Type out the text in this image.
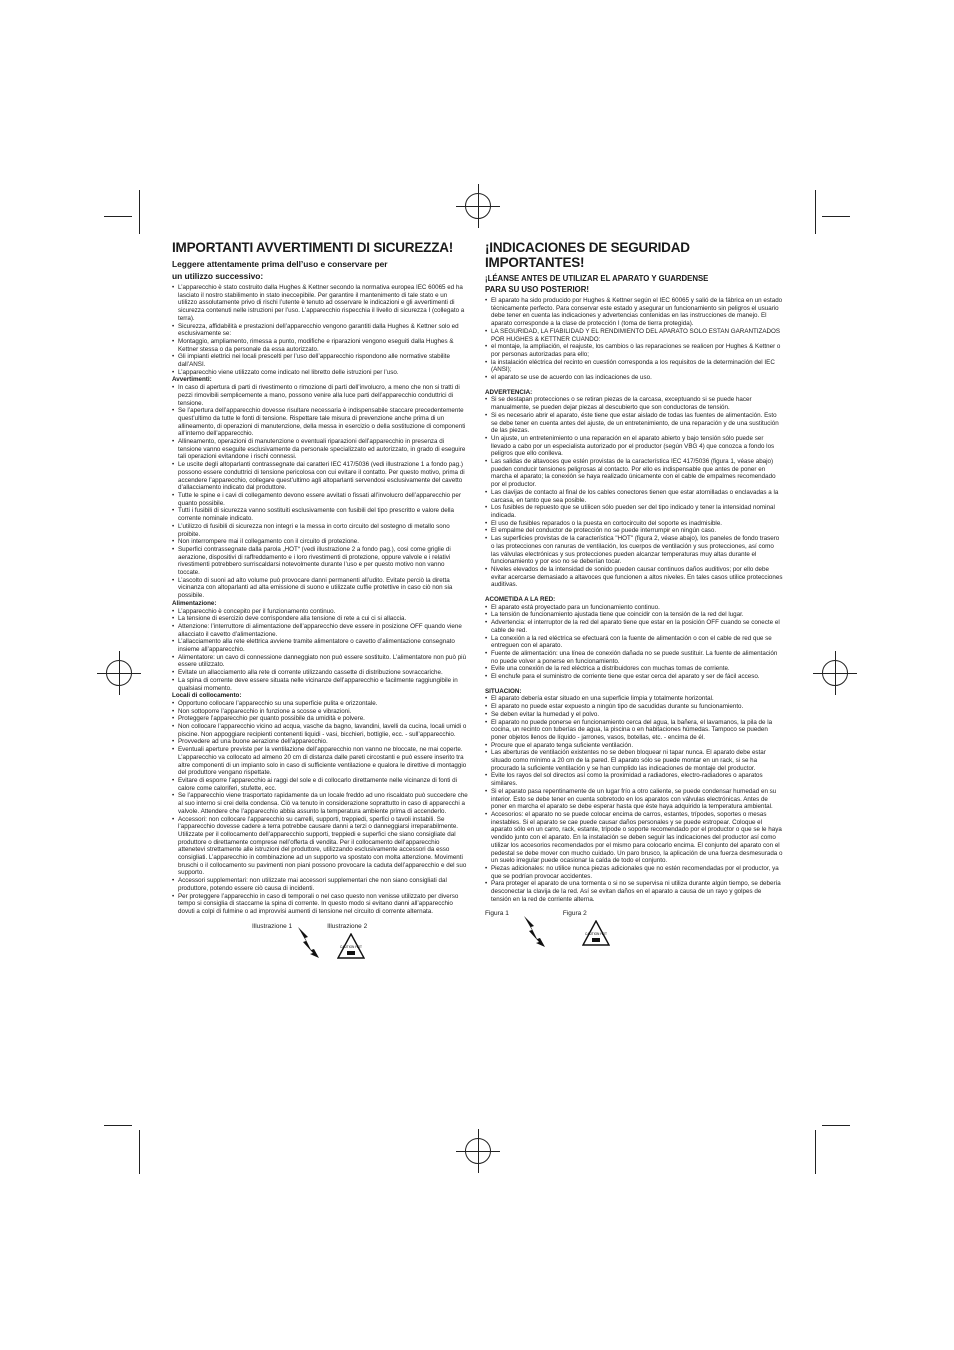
IMPORTANTI AVVERTIMENTI DI SICUREZZA!
Leggere attentamente prima dell’uso e conservare per
un utilizzo successivo:
• L’apparecchio è stato costruito dalla Hughes & Kettner secondo la normativa europea IEC 60065 ed ha lasciato il nostro stabilimento in stato ineccepibile. Per garantire il mantenimento di tale stato e un utilizzo assolutamente privo di rischi l’utente è tenuto ad osservare le indicazioni e gli avvertimenti di sicurezza contenuti nelle istruzioni per l’uso. L’apparecchio rispecchia il livello di sicurezza I (collegato a terra).
• Sicurezza, affidabilità e prestazioni dell’apparecchio vengono garantiti dalla Hughes & Kettner solo ed esclusivamente se:
• Montaggio, ampliamento, rimessa a punto, modifiche e riparazioni vengono eseguiti dalla Hughes & Kettner stessa o da personale da essa autorizzato.
• Gli impianti elettrici nei locali prescelti per l’uso dell’apparecchio rispondono alle normative stabilite dall’ANSI.
• L’apparecchio viene utilizzato come indicato nel libretto delle istruzioni per l’uso.

Avvertimenti:

• In caso di apertura di parti di rivestimento o rimozione di parti dell’involucro, a meno che non si tratti di pezzi rimovibili semplicemente a mano, possono venire alla luce parti dell’apparecchio conduttrici di tensione.
• Se l’apertura dell’apparecchio dovesse risultare necessaria è indispensabile staccare precedentemente quest’ultimo da tutte le fonti di tensione. Rispettare tale misura di prevenzione anche prima di un allineamento, di operazioni di manutenzione, della messa in esercizio o della sostituzione di componenti all’interno dell’apparecchio.
• Allineamento, operazioni di manutenzione o eventuali riparazioni dell’apparecchio in presenza di tensione vanno eseguite esclusivamente da personale specializzato ed autorizzato, in grado di eseguire tali operazioni evitandone i rischi connessi.
• Le uscite degli altoparlanti contrassegnate dai caratteri IEC 417/5036 (vedi illustrazione 1 a fondo pag.) possono essere conduttrici di tensione pericolosa con cui evitare il contatto. Per questo motivo, prima di accendere l’apparecchio, collegare quest’ultimo agli altoparlanti servendosi esclusivamente del cavetto d’allacciamento indicato dal produttore.
• Tutte le spine e i cavi di collegamento devono essere avvitati o fissati all’involucro dell’apparecchio per quanto possibile.
• Tutti i fusibili di sicurezza vanno sostituiti esclusivamente con fusibili del tipo prescritto e valore della corrente nominale indicato.
• L’utilizzo di fusibili di sicurezza non integri e la messa in corto circuito del sostegno di metallo sono proibite.
• Non interrompere mai il collegamento con il circuito di protezione.
• Superfici contrassegnate dalla parola „HOT“ (vedi illustrazione 2 a fondo pag.), così come griglie di aerazione, dispositivi di raffreddamento e i loro rivestimenti di protezione, oppure valvole e i relativi rivestimenti potrebbero surriscaldarsi notevolmente durante l’uso e per questo motivo non vanno toccate.
• L’ascolto di suoni ad alto volume può provocare danni permanenti all’udito. Evitate perciò la diretta vicinanza con altoparlanti ad alta emissione di suono e utilizzate cuffie protettive in caso ciò non sia possibile.

Alimentazione:

• L’apparecchio è concepito per il funzionamento continuo.
• La tensione di esercizio deve corrispondere alla tensione di rete a cui ci si allaccia.
• Attenzione: l’interruttore di alimentazione dell’apparecchio deve essere in posizione OFF quando viene allacciato il cavetto d’alimentazione.
• L’allacciamento alla rete elettrica avviene tramite alimentatore o cavetto d’alimentazione consegnato insieme all’apparecchio.
• Alimentatore: un cavo di connessione danneggiato non può essere sostituito. L’alimentatore non può più essere utilizzato.
• Evitate un allacciamento alla rete di corrente utilizzando cassette di distribuzione sovraccariche.
• La spina di corrente deve essere situata nelle vicinanze dell’apparecchio e facilmente raggiungibile in qualsiasi momento.

Locali di collocamento:

• Opportuno collocare l’apparecchio su una superficie pulita e orizzontale.
• Non sottoporre l’apparecchio in funzione a scosse e vibrazioni.
• Proteggere l’apparecchio per quanto possibile da umidità e polvere.
• Non collocare l’apparecchio vicino ad acqua, vasche da bagno, lavandini, lavelli da cucina, locali umidi o piscine. Non appoggiare recipienti contenenti liquidi - vasi, bicchieri, bottiglie, ecc. - sull’apparecchio.
• Provvedere ad una buone aerazione dell’apparecchio.
• Eventuali aperture previste per la ventilazione dell’apparecchio non vanno ne bloccate, ne mai coperte. L’apparecchio va collocato ad almeno 20 cm di distanza dalle pareti circostanti e può essere inserito tra altre componenti di un impianto solo in caso di sufficiente ventilazione e qualora le direttive di montaggio del produttore vengano rispettate.
• Evitare di esporre l’apparecchio ai raggi del sole e di collocarlo direttamente nelle vicinanze di fonti di calore come caloriferi, stufette, ecc.
• Se l’apparecchio viene trasportato rapidamente da un locale freddo ad uno riscaldato può succedere che al suo interno si crei della condensa. Ciò va tenuto in considerazione soprattutto in caso di apparecchi a valvole. Attendere che l’apparecchio abbia assunto la temperatura ambiente prima di accenderlo.
• Accessori: non collocare l’apparecchio su carrelli, supporti, treppiedi, sperfici o tavoli instabili. Se l’apparecchio dovesse cadere a terra potrebbe causare danni a terzi o danneggiarsi irreparabilmente. Utilizzate per il collocamento dell’apparecchio supporti, treppiedi e superfici che siano consigliate dal produttore o direttamente comprese nell’offerta di vendita. Per il collocamento dell’apparecchio attenetevi strettamente alle istruzioni del produttore, utilizzando esclusivamente accessori da esso consigliati. L’apparecchio in combinazione ad un supporto va spostato con molta attenzione. Movimenti bruschi o il collocamento su pavimenti non piani possono provocare la caduta dell’apparecchio e del suo supporto.
• Accessori supplementari: non utilizzate mai accessori supplementari che non siano consigliati dal produttore, potendo essere ciò causa di incidenti.
• Per proteggere l’apparecchio in caso di temporali o nel caso questo non venisse utilizzato per diverso tempo si consiglia di staccarne la spina di corrente. In questo modo si evitano danni all’apparecchio dovuti a colpi di fulmine o ad improvvisi aumenti di tensione nel circuito di corrente alternata.
Illustrazione 1	Illustrazione 2
CAUTION HOT
¡INDICACIONES DE SEGURIDAD IMPORTANTES!
¡LÉANSE ANTES DE UTILIZAR EL APARATO Y GUARDENSE
PARA SU USO POSTERIOR!
• El aparato ha sido producido por Hughes & Kettner según el IEC 60065 y salió de la fábrica en un estado técnicamente perfecto. Para conservar este estado y asegurar un funcionamiento sin peligros el usuario debe tener en cuenta las indicaciones y advertencias contenidas en las instrucciones de manejo. El aparato corresponde a la clase de protección I (toma de tierra protegida).
• LA SEGURIDAD, LA FIABILIDAD Y EL RENDIMIENTO DEL APARATO SOLO ESTAN GARANTIZADOS POR HUGHES & KETTNER CUANDO:
• el montaje, la ampliación, el reajuste, los cambios o las reparaciones se realicen por Hughes & Kettner o por personas autorizadas para ello;
• la instalación eléctrica del recinto en cuestión corresponda a los requisitos de la determinación del IEC (ANSI);
• el aparato se use de acuerdo con las indicaciones de uso.

ADVERTENCIA:

• Si se destapan protecciones o se retiran piezas de la carcasa, exceptuando si se puede hacer manualmente, se pueden dejar piezas al descubierto que son conductoras de tensión.
• Si es necesario abrir el aparato, éste tiene que estar aislado de todas las fuentes de alimentación. Esto se debe tener en cuenta antes del ajuste, de un entretenimiento, de una reparación y de una sustitución de las piezas.
• Un ajuste, un entretenimiento o una reparación en el aparato abierto y bajo tensión sólo puede ser llevado a cabo por un especialista autorizado por el productor (según VBG 4) que conozca a fondo los peligros que ello conlleva.
• Las salidas de altavoces que estén provistas de la característica IEC 417/5036 (figura 1, véase abajo) pueden conducir tensiones peligrosas al contacto. Por ello es indispensable que antes de poner en marcha el aparato; la conexión se haya realizado únicamente con el cable de empalmes recomendado por el productor.
• Las clavijas de contacto al final de los cables conectores tienen que estar atornilladas o enclavadas a la carcasa, en tanto que sea posible.
• Los fusibles de repuesto que se utilicen sólo pueden ser del tipo indicado y tener la intensidad nominal indicada.
• El uso de fusibles reparados o la puesta en cortocircuito del soporte es inadmisible.
• El empalme del conductor de protección no se puede interrumpir en ningún caso.
• Las superficies provistas de la característica "HOT" (figura 2, véase abajo), los paneles de fondo trasero o las protecciones con ranuras de ventilación, los cuerpos de ventilación y sus protecciones, así como las válvulas electrónicas y sus protecciones pueden alcanzar temperaturas muy altas durante el funcionamiento y por eso no se deberían tocar.
• Niveles elevados de la intensidad de sonido pueden causar continuos daños auditivos; por ello debe evitar acercarse demasiado a altavoces que funcionen a altos niveles. En tales casos utilice protecciones auditivas.

ACOMETIDA A LA RED:

• El aparato está proyectado para un funcionamiento continuo.
• La tensión de funcionamiento ajustada tiene que coincidir con la tensión de la red del lugar.
• Advertencia: el interruptor de la red del aparato tiene que estar en la posición OFF cuando se conecte el cable de red.
• La conexión a la red eléctrica se efectuará con la fuente de alimentación o con el cable de red que se entreguen con el aparato.
• Fuente de alimentación: una línea de conexión dañada no se puede sustituir. La fuente de alimentación no puede volver a ponerse en funcionamiento.
• Evite una conexión de la red eléctrica a distribuidores con muchas tomas de corriente.
• El enchufe para el suministro de corriente tiene que estar cerca del aparato y ser de fácil acceso.

SITUACION:

• El aparato debería estar situado en una superficie limpia y totalmente horizontal.
• El aparato no puede estar expuesto a ningún tipo de sacudidas durante su funcionamiento.
• Se deben evitar la humedad y el polvo.
• El aparato no puede ponerse en funcionamiento cerca del agua, la bañera, el lavamanos, la pila de la cocina, un recinto con tuberías de agua, la piscina o en habitaciones húmedas. Tampoco se pueden poner objetos llenos de líquido - jarrones, vasos, botellas, etc. - encima de él.
• Procure que el aparato tenga suficiente ventilación.
• Las aberturas de ventilación existentes no se deben bloquear ni tapar nunca. El aparato debe estar situado como mínimo a 20 cm de la pared. El aparato sólo se puede montar en un rack, si se ha procurado la suficiente ventilación y se han cumplido las indicaciones de montaje del productor.
• Evite los rayos del sol directos así como la proximidad a radiadores, electro-radiadores o aparatos similares.
• Si el aparato pasa repentinamente de un lugar frío a otro caliente, se puede condensar humedad en su interior. Esto se debe tener en cuenta sobretodo en los aparatos con válvulas electrónicas. Antes de poner en marcha el aparato se debe esperar hasta que éste haya adquirido la temperatura ambiental.
• Accesorios: el aparato no se puede colocar encima de carros, estantes, trípodes, soportes o mesas inestables. Si el aparato se cae puede causar daños personales y se puede estropear. Coloque el aparato sólo en un carro, rack, estante, trípode o soporte recomendado por el productor o que se le haya vendido junto con el aparato. En la instalación se deben seguir las indicaciones del productor así como utilizar los accesorios recomendados por el mismo para colocarlo encima. El conjunto del aparato con el pedestal se debe mover con mucho cuidado. Un paro brusco, la aplicación de una fuerza desmesurada o un suelo irregular puede ocasionar la caída de todo el conjunto.
• Piezas adicionales: no utilice nunca piezas adicionales que no estén recomendadas por el productor, ya que se podrían provocar accidentes.
• Para proteger el aparato de una tormenta o si no se supervisa ni utiliza durante algún tiempo, se debería desconectar la clavija de la red. Así se evitan daños en el aparato a causa de un rayo y golpes de tensión en la red de corriente alterna.
Figura 1	Figura 2
CAUTION HOT
